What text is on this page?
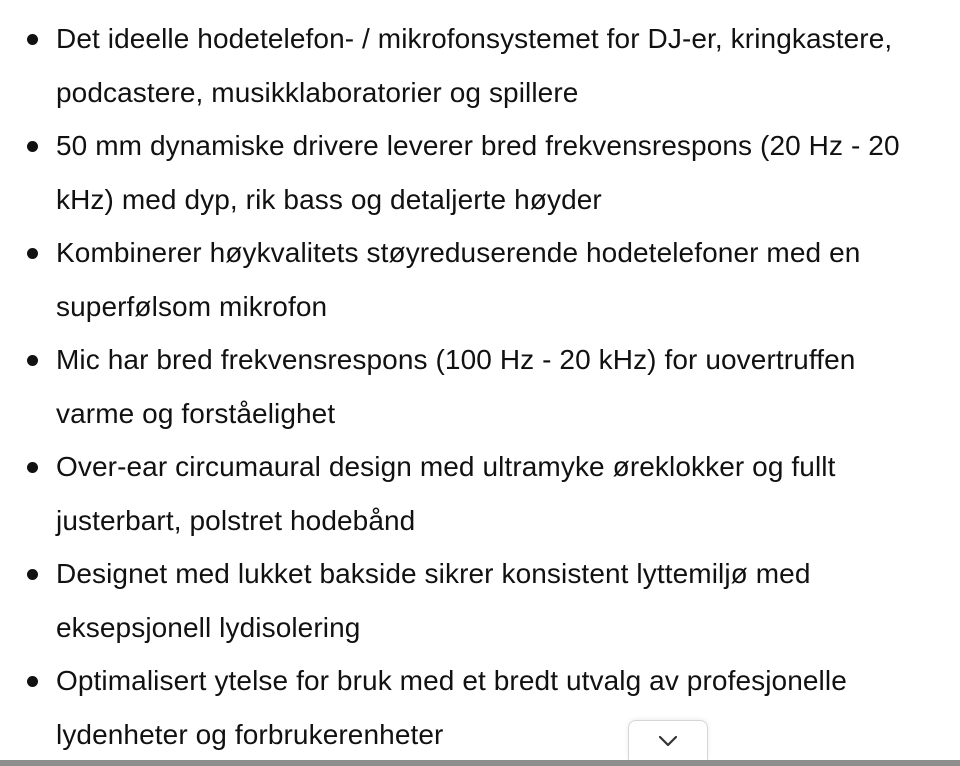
Det ideelle hodetelefon- / mikrofonsystemet for DJ-er, kringkastere, podcastere, musikklaboratorier og spillere
50 mm dynamiske drivere leverer bred frekvensrespons (20 Hz - 20 kHz) med dyp, rik bass og detaljerte høyder
Kombinerer høykvalitets støyreduserende hodetelefoner med en superfølsom mikrofon
Mic har bred frekvensrespons (100 Hz - 20 kHz) for uovertruffen varme og forståelighet
Over-ear circumaural design med ultramyke øreklokker og fullt justerbart, polstret hodebånd
Designet med lukket bakside sikrer konsistent lyttemiljø med eksepsjonell lydisolering
Optimalisert ytelse for bruk med et bredt utvalg av profesjonelle lydenheter og forbrukerenheter
